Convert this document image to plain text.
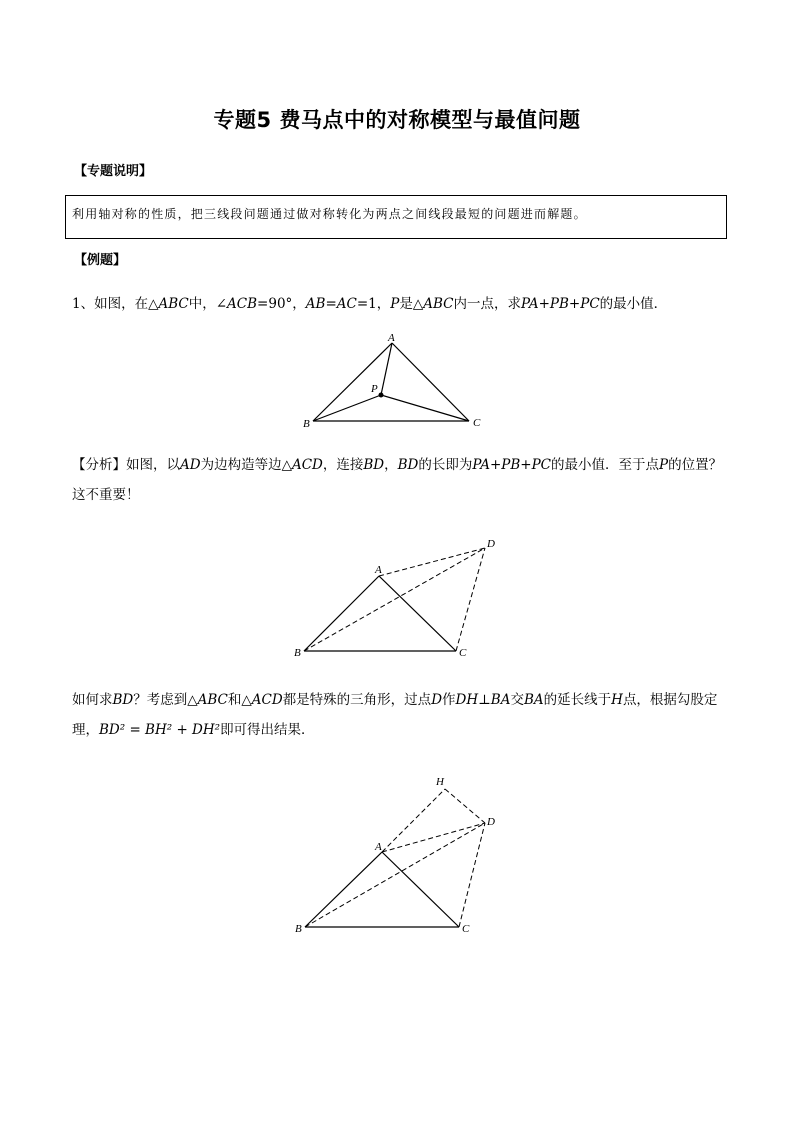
专题5 费马点中的对称模型与最值问题
【专题说明】
利用轴对称的性质，把三线段问题通过做对称转化为两点之间线段最短的问题进而解题。
【例题】
1、如图，在△ABC中，∠ACB=90°，AB=AC=1，P是△ABC内一点，求PA+PB+PC的最小值．
A
B	C
P
【分析】如图，以AD为边构造等边△ACD，连接BD，BD的长即为PA+PB+PC的最小值．至于点P的位置？这不重要！
A
B	C
D
如何求BD？考虑到△ABC和△ACD都是特殊的三角形，过点D作DH⊥BA交BA的延长线于H点，根据勾股定理，BD² = BH² + DH²即可得出结果．
A
B	C
D
H
